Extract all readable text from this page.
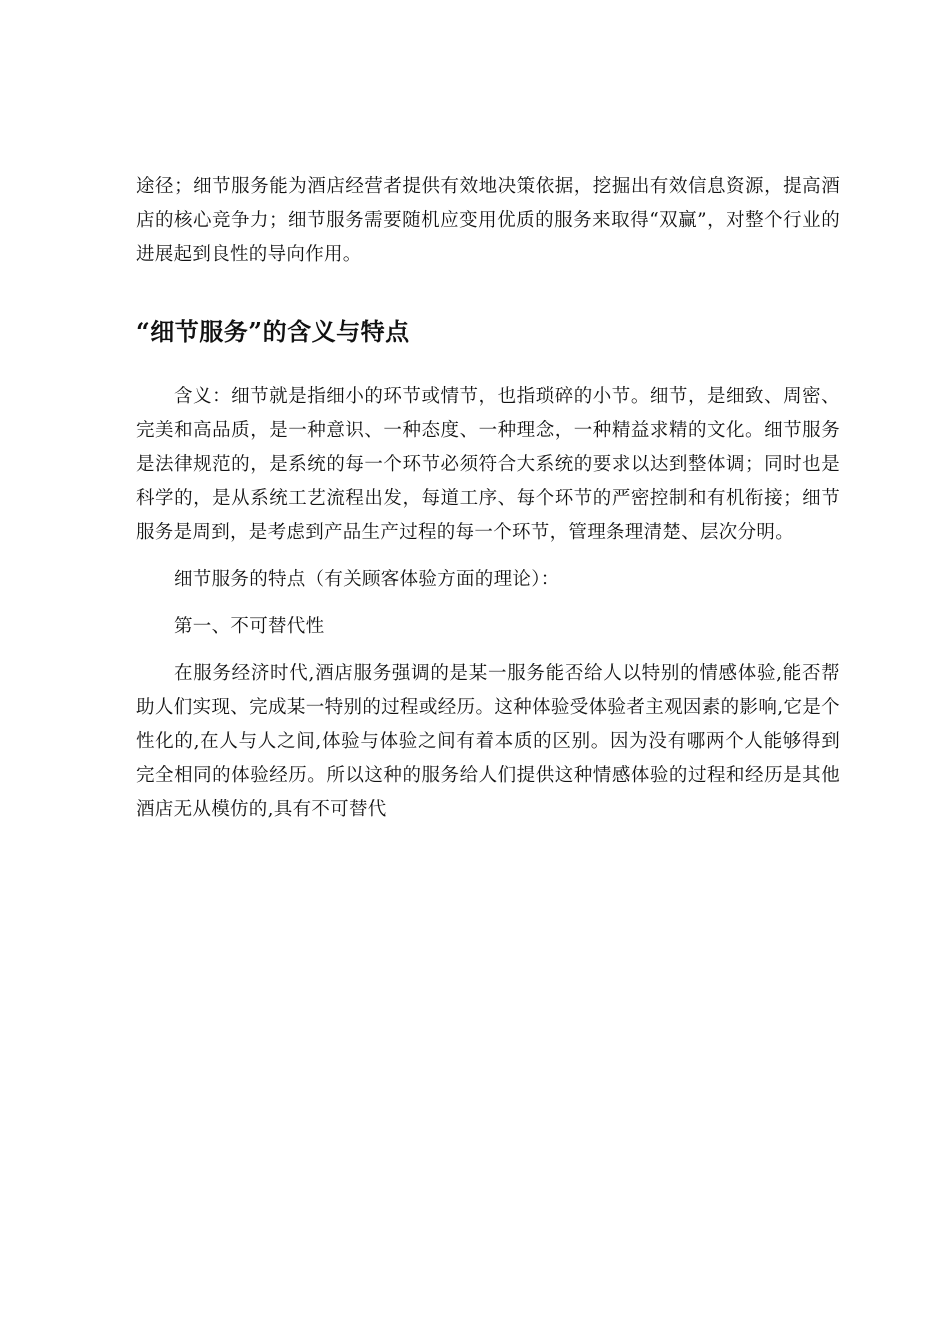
途径；细节服务能为酒店经营者提供有效地决策依据，挖掘出有效信息资源，提高酒店的核心竞争力；细节服务需要随机应变用优质的服务来取得“双赢”，对整个行业的进展起到良性的导向作用。

“细节服务”的含义与特点

含义：细节就是指细小的环节或情节，也指琐碎的小节。细节，是细致、周密、完美和高品质，是一种意识、一种态度、一种理念，一种精益求精的文化。细节服务是法律规范的，是系统的每一个环节必须符合大系统的要求以达到整体调；同时也是科学的，是从系统工艺流程出发，每道工序、每个环节的严密控制和有机衔接；细节服务是周到，是考虑到产品生产过程的每一个环节，管理条理清楚、层次分明。

细节服务的特点（有关顾客体验方面的理论）：

第一、不可替代性

在服务经济时代,酒店服务强调的是某一服务能否给人以特别的情感体验,能否帮助人们实现、完成某一特别的过程或经历。这种体验受体验者主观因素的影响,它是个性化的,在人与人之间,体验与体验之间有着本质的区别。因为没有哪两个人能够得到完全相同的体验经历。所以这种的服务给人们提供这种情感体验的过程和经历是其他酒店无从模仿的,具有不可替代
